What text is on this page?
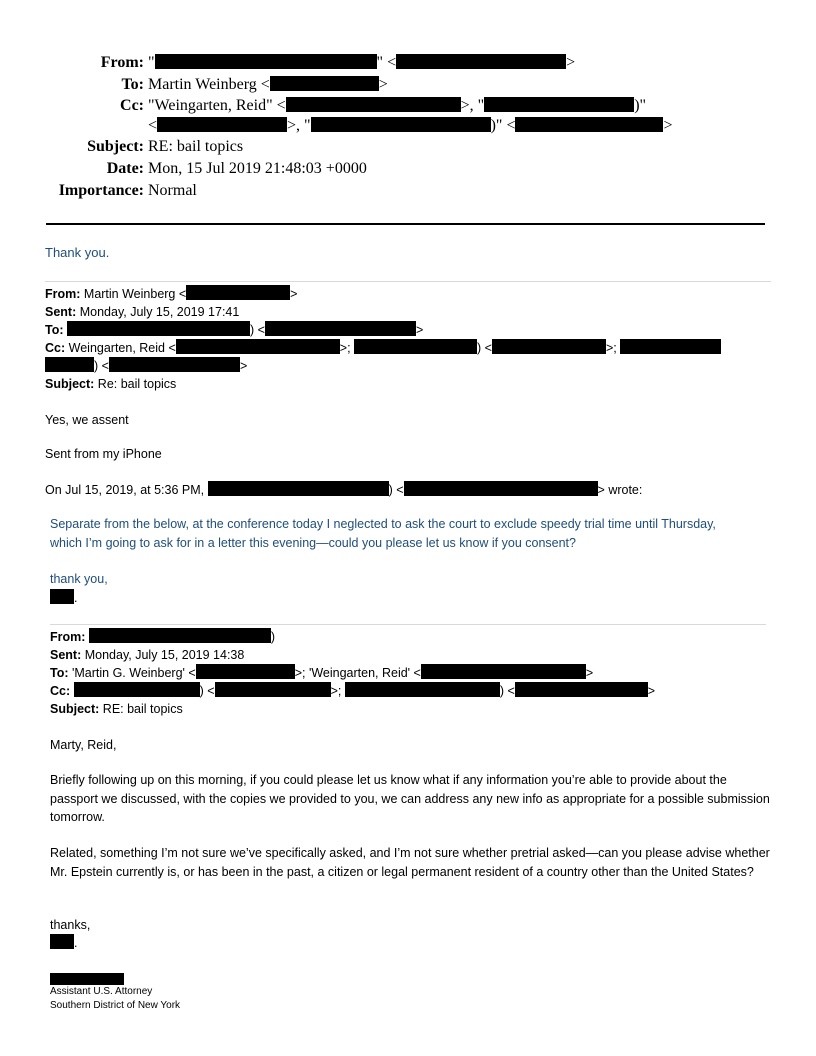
From: "	" <	>
To: Martin Weinberg <	>
Cc: "Weingarten, Reid" <	>, "	)"
<	>, "	)" <	>
Subject: RE: bail topics
Date: Mon, 15 Jul 2019 21:48:03 +0000
Importance: Normal
Thank you.
From: Martin Weinberg <	>
Sent: Monday, July 15, 2019 17:41
To:	) <	>
Cc: Weingarten, Reid <	>;	) <	>;
) <	>
Subject: Re: bail topics
Yes, we assent
Sent from my iPhone
On Jul 15, 2019, at 5:36 PM,	) <	> wrote:
Separate from the below, at the conference today I neglected to ask the court to exclude speedy trial time until Thursday, which I’m going to ask for in a letter this evening—could you please let us know if you consent?
thank you,
.
From:	)
Sent: Monday, July 15, 2019 14:38
To: 'Martin G. Weinberg' <	>; 'Weingarten, Reid' <	>
Cc:	) <	>;	) <	>
Subject: RE: bail topics
Marty, Reid,
Briefly following up on this morning, if you could please let us know what if any information you’re able to provide about the passport we discussed, with the copies we provided to you, we can address any new info as appropriate for a possible submission tomorrow.
Related, something I’m not sure we’ve specifically asked, and I’m not sure whether pretrial asked—can you please advise whether Mr. Epstein currently is, or has been in the past, a citizen or legal permanent resident of a country other than the United States?
thanks,
.
Assistant U.S. Attorney
Southern District of New York
